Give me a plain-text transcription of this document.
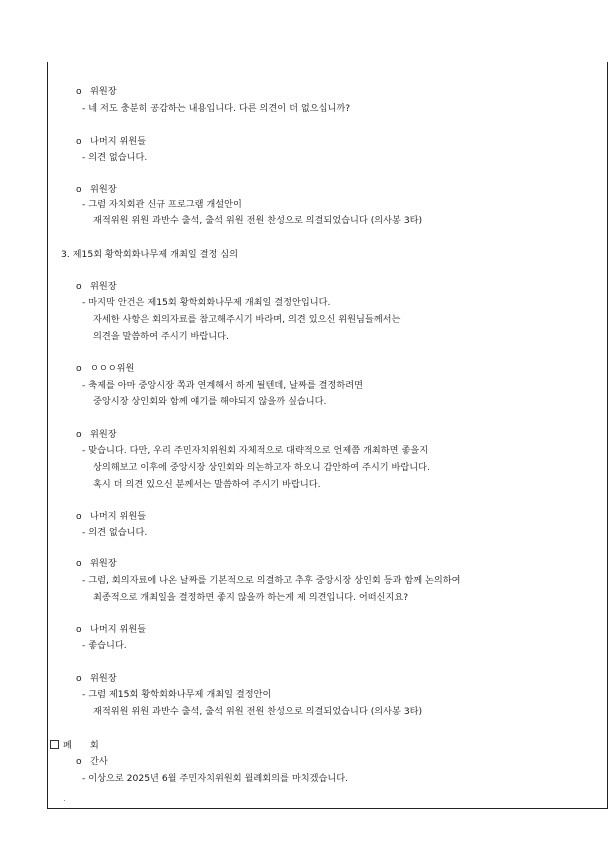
o 위원장
- 네 저도 충분히 공감하는 내용입니다. 다른 의견이 더 없으십니까?
o 나머지 위원들
- 의견 없습니다.
o 위원장
- 그럼 자치회관 신규 프로그램 개설안이
재적위원 위원 과반수 출석, 출석 위원 전원 찬성으로 의결되었습니다 (의사봉 3타)
3. 제15회 황학회화나무제 개최일 결정 심의
o 위원장
- 마지막 안건은 제15회 황학회화나무제 개최일 결정안입니다.
자세한 사항은 회의자료를 참고해주시기 바라며, 의견 있으신 위원님들께서는
의견을 말씀하여 주시기 바랍니다.
o ㅇㅇㅇ위원
- 축제를 아마 중앙시장 쪽과 연계해서 하게 될텐데, 날짜를 결정하려면
중앙시장 상인회와 함께 얘기를 해야되지 않을까 싶습니다.
o 위원장
- 맞습니다. 다만, 우리 주민자치위원회 자체적으로 대략적으로 언제쯤 개최하면 좋을지
상의해보고 이후에 중앙시장 상인회와 의논하고자 하오니 감안하여 주시기 바랍니다.
혹시 더 의견 있으신 분께서는 말씀하여 주시기 바랍니다.
o 나머지 위원들
- 의견 없습니다.
o 위원장
- 그럼, 회의자료에 나온 날짜를 기본적으로 의결하고 추후 중앙시장 상인회 등과 함께 논의하여
최종적으로 개최일을 결정하면 좋지 않을까 하는게 제 의견입니다. 어떠신지요?
o 나머지 위원들
- 좋습니다.
o 위원장
- 그럼 제15회 황학회화나무제 개최일 결정안이
재적위원 위원 과반수 출석, 출석 위원 전원 찬성으로 의결되었습니다 (의사봉 3타)
폐 회
o 간사
- 이상으로 2025년 6월 주민자치위원회 월례회의를 마치겠습니다.
